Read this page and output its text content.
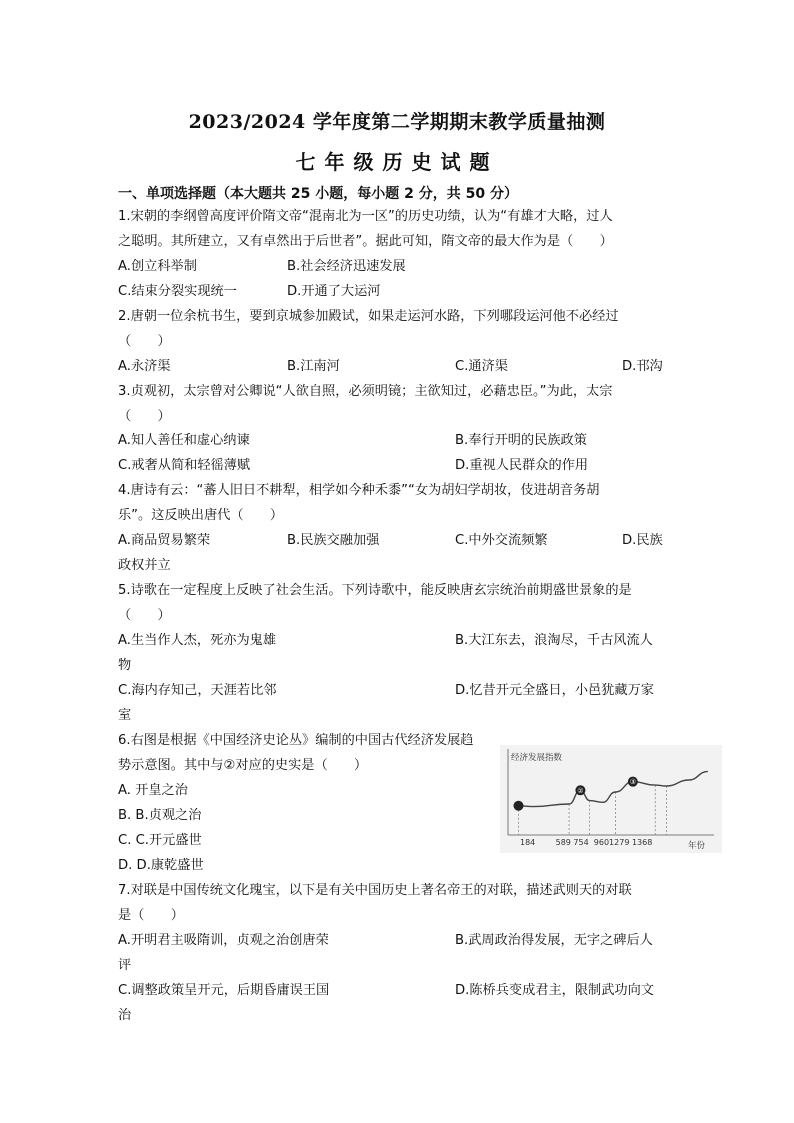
2023/2024 学年度第二学期期末教学质量抽测
七年级历史试题
一、单项选择题（本大题共 25 小题，每小题 2 分，共 50 分）
1.宋朝的李纲曾高度评价隋文帝“混南北为一区”的历史功绩，认为“有雄才大略，过人
之聪明。其所建立，又有卓然出于后世者”。据此可知，隋文帝的最大作为是（　　）
A.创立科举制	B.社会经济迅速发展
C.结束分裂实现统一	D.开通了大运河
2.唐朝一位余杭书生，要到京城参加殿试，如果走运河水路，下列哪段运河他不必经过
（　　）
A.永济渠	B.江南河	C.通济渠	D.邗沟
3.贞观初，太宗曾对公卿说“人欲自照，必须明镜；主欲知过，必藉忠臣。”为此，太宗
（　　）
A.知人善任和虚心纳谏	B.奉行开明的民族政策
C.戒奢从简和轻徭薄赋	D.重视人民群众的作用
4.唐诗有云：“蕃人旧日不耕犁，相学如今种禾黍”“女为胡妇学胡妆，伎进胡音务胡
乐”。这反映出唐代（　　）
A.商品贸易繁荣	B.民族交融加强	C.中外交流频繁	D.民族
政权并立
5.诗歌在一定程度上反映了社会生活。下列诗歌中，能反映唐玄宗统治前期盛世景象的是
（　　）
A.生当作人杰，死亦为鬼雄	B.大江东去，浪淘尽，千古风流人
物
C.海内存知己，天涯若比邻	D.忆昔开元全盛日，小邑犹藏万家
室
6.右图是根据《中国经济史论丛》编制的中国古代经济发展趋
势示意图。其中与②对应的史实是（　　）
A. 开皇之治
B. B.贞观之治
C. C.开元盛世
D. D.康乾盛世
经济发展指数
年份
184        589 754  9601279 1368
②
③
7.对联是中国传统文化瑰宝，以下是有关中国历史上著名帝王的对联，描述武则天的对联
是（　　）
A.开明君主吸隋训，贞观之治创唐荣	B.武周政治得发展，无字之碑后人
评
C.调整政策呈开元，后期昏庸误王国	D.陈桥兵变成君主，限制武功向文
治
